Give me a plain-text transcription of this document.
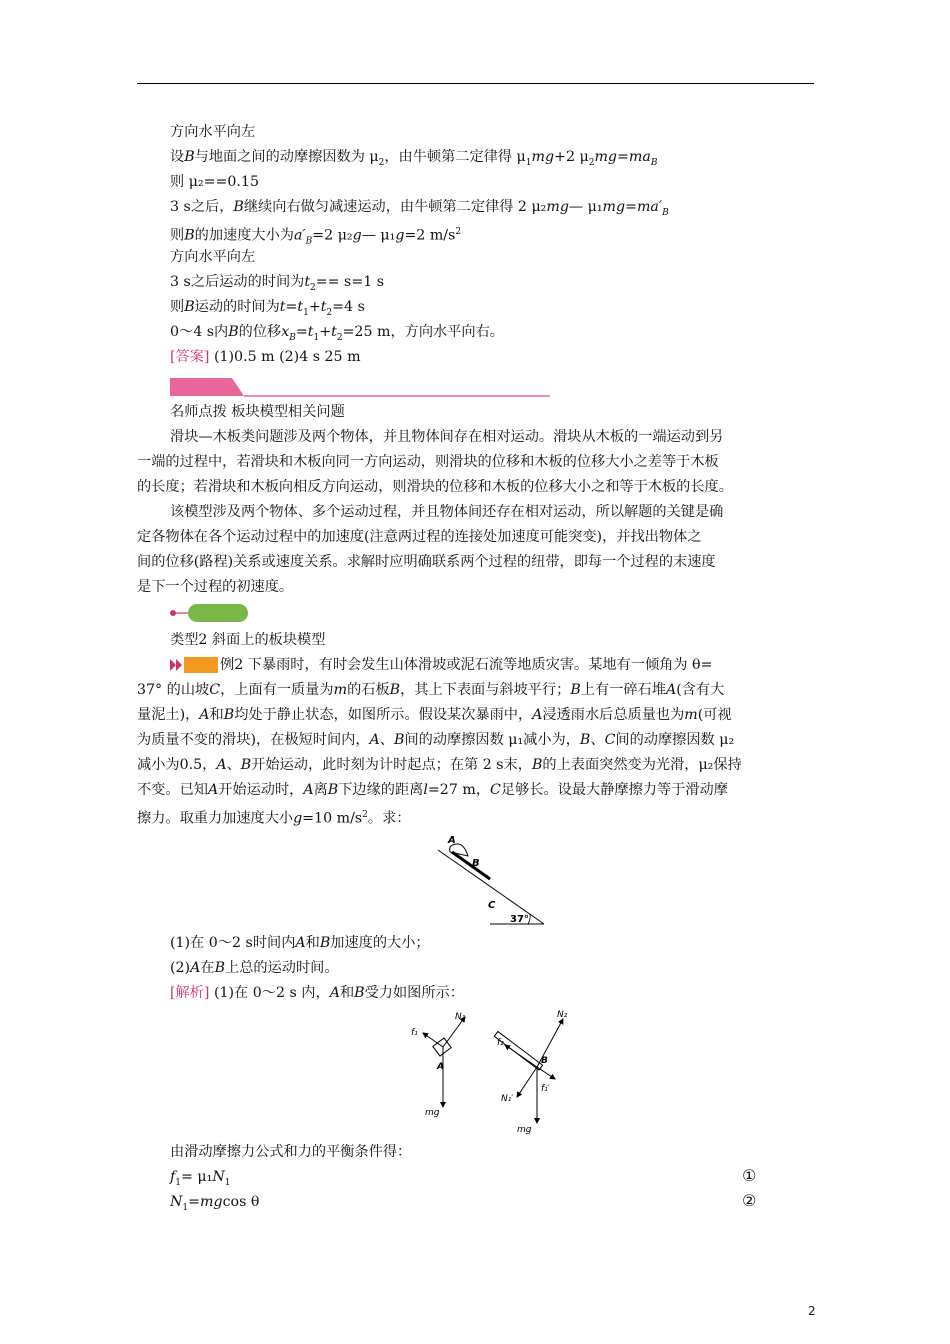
方向水平向左
设B与地面之间的动摩擦因数为 $\mu_2$，由牛顿第二定律得 $\mu_1mg+2$ $\mu_2mg=ma_B$
则 μ₂==0.15
3 s之后，B继续向右做匀减速运动，由牛顿第二定律得 2 μ₂mg— $\mu_1mg=ma'_B$
则B的加速度大小为$a'_B=2$ μ₂g— μ₁g=2 $m/s^2$
方向水平向左
3 s之后运动的时间为$t_2== s=1$ s
则B运动的时间为$t=t_1+t_2=4$ s
0～4 s内B的位移$x_B=t_1+t_2=25$ m，方向水平向右。
[答案] (1)0.5 m (2)4 s 25 m
名师点拨 板块模型相关问题
滑块—木板类问题涉及两个物体，并且物体间存在相对运动。滑块从木板的一端运动到另
一端的过程中，若滑块和木板向同一方向运动，则滑块的位移和木板的位移大小之差等于木板
的长度；若滑块和木板向相反方向运动，则滑块的位移和木板的位移大小之和等于木板的长度。
该模型涉及两个物体、多个运动过程，并且物体间还存在相对运动，所以解题的关键是确
定各物体在各个运动过程中的加速度(注意两过程的连接处加速度可能突变)，并找出物体之
间的位移(路程)关系或速度关系。求解时应明确联系两个过程的纽带，即每一个过程的末速度
是下一个过程的初速度。
类型2 斜面上的板块模型
例2 下暴雨时，有时会发生山体滑坡或泥石流等地质灾害。某地有一倾角为 θ=
37° 的山坡C，上面有一质量为m的石板B，其上下表面与斜坡平行；B上有一碎石堆A(含有大
量泥土)，A和B均处于静止状态，如图所示。假设某次暴雨中，A浸透雨水后总质量也为m(可视
为质量不变的滑块)，在极短时间内，A、B间的动摩擦因数 μ₁减小为，B、C间的动摩擦因数 μ₂
减小为0.5，A、B开始运动，此时刻为计时起点；在第 2 s末，B的上表面突然变为光滑，μ₂保持
不变。已知A开始运动时，A离B下边缘的距离l=27 m，C足够长。设最大静摩擦力等于滑动摩
擦力。取重力加速度大小g=10 $m/s^2$。求：
A
B
C
37°
(1)在 0～2 s时间内A和B加速度的大小；
(2)A在B上总的运动时间。
[解析] (1)在 0～2 s 内，A和B受力如图所示：
N₁
f₁
A
mg
N₂
f₂
B
N₁′
f₁′
mg
由滑动摩擦力公式和力的平衡条件得：
$f_1= \mu_1N_1$	①
$N_1=mgcos$ θ	②
2
